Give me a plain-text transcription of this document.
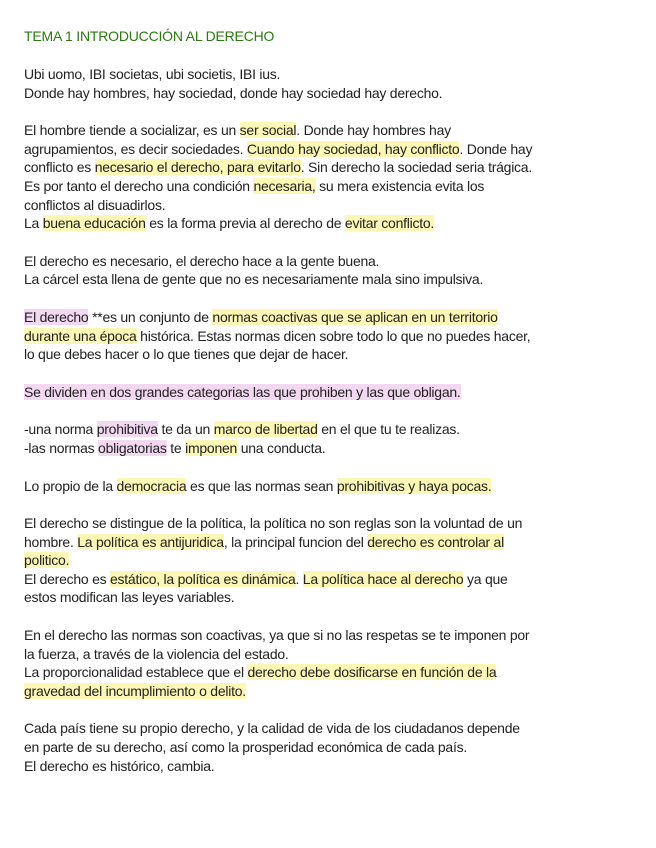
TEMA 1 INTRODUCCIÓN AL DERECHO
Ubi uomo, IBI societas, ubi societis, IBI ius.
Donde hay hombres, hay sociedad, donde hay sociedad hay derecho.
El hombre tiende a socializar, es un ser social. Donde hay hombres hay
agrupamientos, es decir sociedades. Cuando hay sociedad, hay conflicto. Donde hay
conflicto es necesario el derecho, para evitarlo. Sin derecho la sociedad seria trágica.
Es por tanto el derecho una condición necesaria, su mera existencia evita los
conflictos al disuadirlos.
La buena educación es la forma previa al derecho de evitar conflicto.
El derecho es necesario, el derecho hace a la gente buena.
La cárcel esta llena de gente que no es necesariamente mala sino impulsiva.
El derecho **es un conjunto de normas coactivas que se aplican en un territorio
durante una época histórica. Estas normas dicen sobre todo lo que no puedes hacer,
lo que debes hacer o lo que tienes que dejar de hacer.
Se dividen en dos grandes categorias las que prohiben y las que obligan.
-una norma prohibitiva te da un marco de libertad en el que tu te realizas.
-las normas obligatorias te imponen una conducta.
Lo propio de la democracia es que las normas sean prohibitivas y haya pocas.
El derecho se distingue de la política, la política no son reglas son la voluntad de un
hombre. La política es antijuridica, la principal funcion del derecho es controlar al
politico.
El derecho es estático, la política es dinámica. La política hace al derecho ya que
estos modifican las leyes variables.
En el derecho las normas son coactivas, ya que si no las respetas se te imponen por
la fuerza, a través de la violencia del estado.
La proporcionalidad establece que el derecho debe dosificarse en función de la
gravedad del incumplimiento o delito.
Cada país tiene su propio derecho, y la calidad de vida de los ciudadanos depende
en parte de su derecho, así como la prosperidad económica de cada país.
El derecho es histórico, cambia.
